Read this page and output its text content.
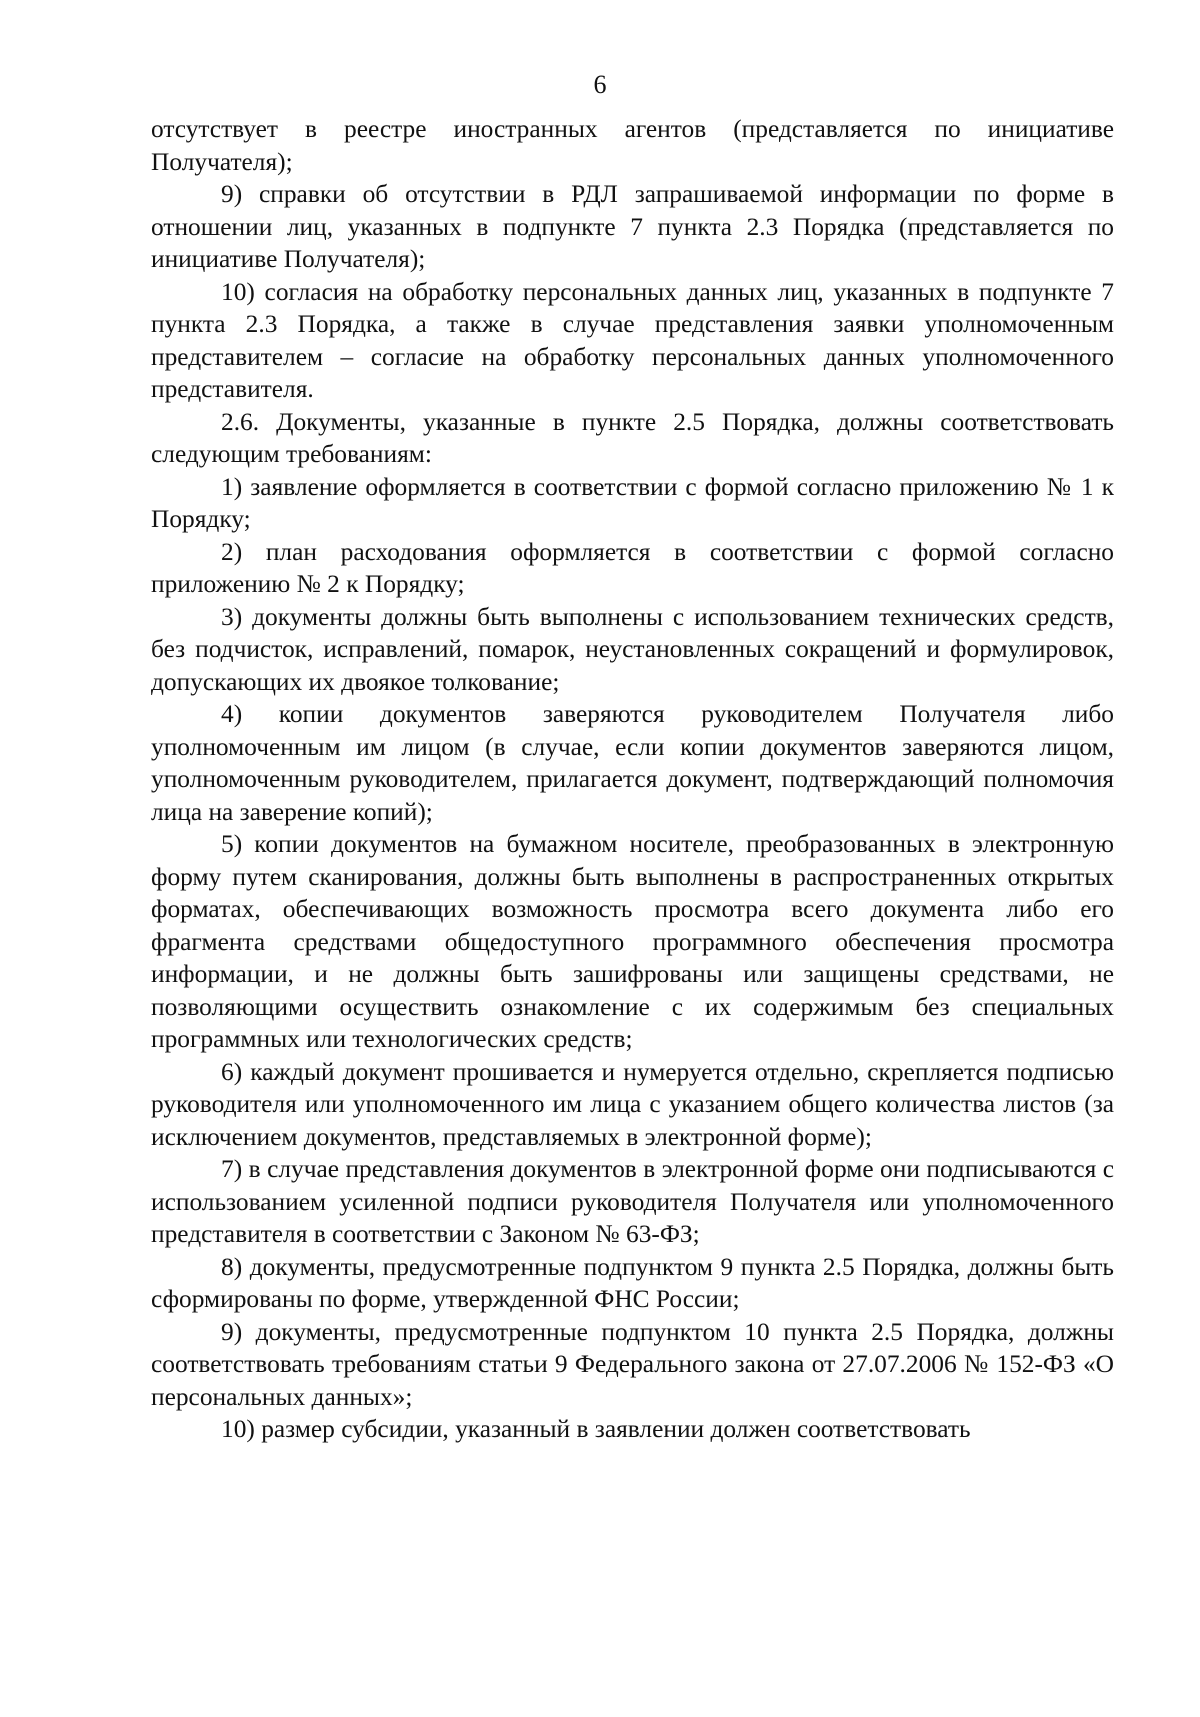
6

отсутствует в реестре иностранных агентов (представляется по инициативе Получателя);

9) справки об отсутствии в РДЛ запрашиваемой информации по форме в отношении лиц, указанных в подпункте 7 пункта 2.3 Порядка (представляется по инициативе Получателя);

10) согласия на обработку персональных данных лиц, указанных в подпункте 7 пункта 2.3 Порядка, а также в случае представления заявки уполномоченным представителем – согласие на обработку персональных данных уполномоченного представителя.

2.6. Документы, указанные в пункте 2.5 Порядка, должны соответствовать следующим требованиям:

1) заявление оформляется в соответствии с формой согласно приложению № 1 к Порядку;

2) план расходования оформляется в соответствии с формой согласно приложению № 2 к Порядку;

3) документы должны быть выполнены с использованием технических средств, без подчисток, исправлений, помарок, неустановленных сокращений и формулировок, допускающих их двоякое толкование;

4) копии документов заверяются руководителем Получателя либо уполномоченным им лицом (в случае, если копии документов заверяются лицом, уполномоченным руководителем, прилагается документ, подтверждающий полномочия лица на заверение копий);

5) копии документов на бумажном носителе, преобразованных в электронную форму путем сканирования, должны быть выполнены в распространенных открытых форматах, обеспечивающих возможность просмотра всего документа либо его фрагмента средствами общедоступного программного обеспечения просмотра информации, и не должны быть зашифрованы или защищены средствами, не позволяющими осуществить ознакомление с их содержимым без специальных программных или технологических средств;

6) каждый документ прошивается и нумеруется отдельно, скрепляется подписью руководителя или уполномоченного им лица с указанием общего количества листов (за исключением документов, представляемых в электронной форме);

7) в случае представления документов в электронной форме они подписываются с использованием усиленной подписи руководителя Получателя или уполномоченного представителя в соответствии с Законом № 63-ФЗ;

8) документы, предусмотренные подпунктом 9 пункта 2.5 Порядка, должны быть сформированы по форме, утвержденной ФНС России;

9) документы, предусмотренные подпунктом 10 пункта 2.5 Порядка, должны соответствовать требованиям статьи 9 Федерального закона от 27.07.2006 № 152-ФЗ «О персональных данных»;

10) размер субсидии, указанный в заявлении должен соответствовать
